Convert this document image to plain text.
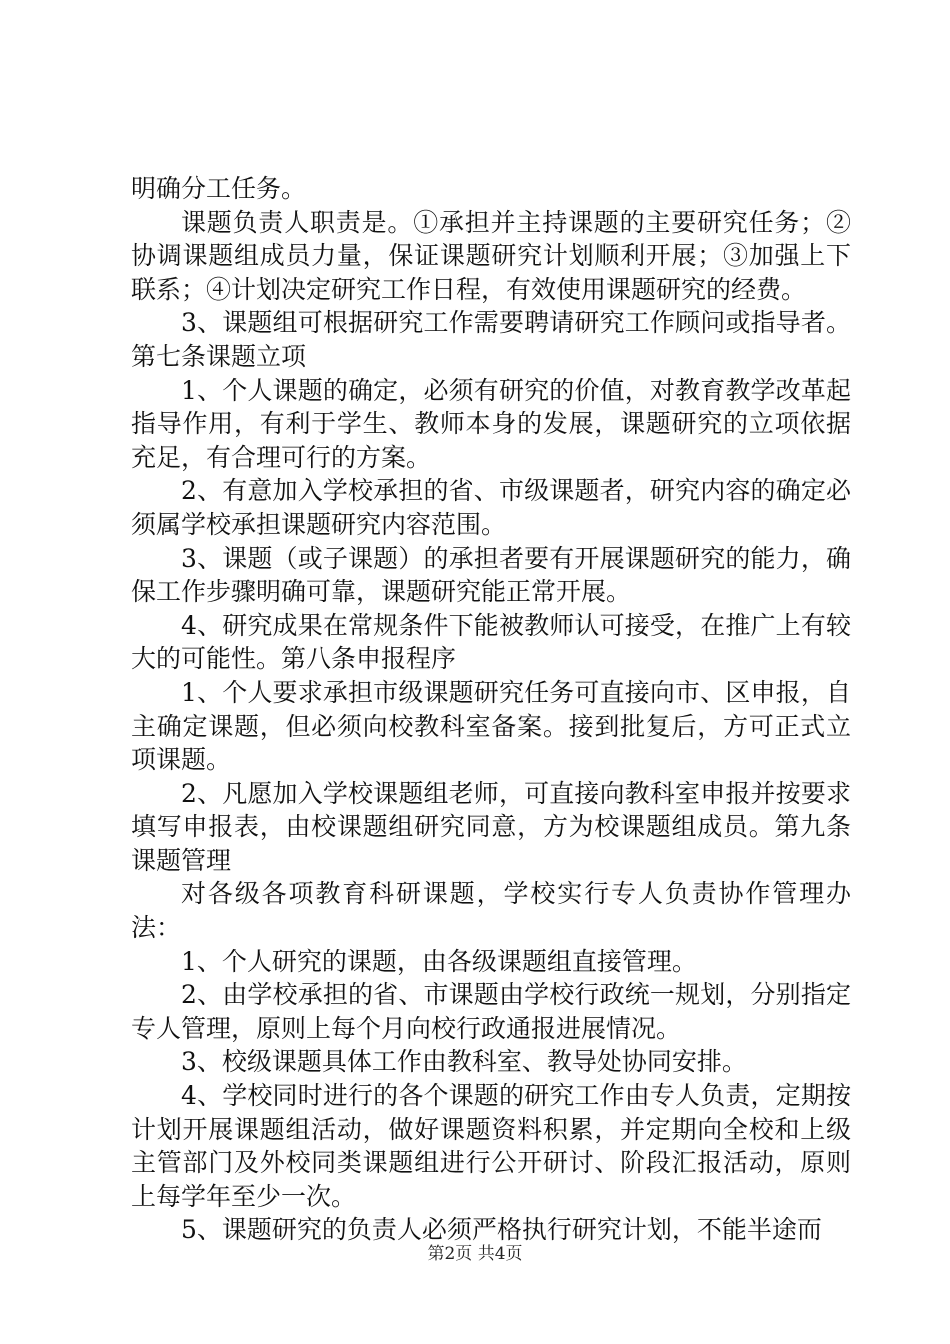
明确分工任务。

课题负责人职责是。①承担并主持课题的主要研究任务；②协调课题组成员力量，保证课题研究计划顺利开展；③加强上下联系；④计划决定研究工作日程，有效使用课题研究的经费。

3、课题组可根据研究工作需要聘请研究工作顾问或指导者。第七条课题立项

1、个人课题的确定，必须有研究的价值，对教育教学改革起指导作用，有利于学生、教师本身的发展，课题研究的立项依据充足，有合理可行的方案。

2、有意加入学校承担的省、市级课题者，研究内容的确定必须属学校承担课题研究内容范围。

3、课题（或子课题）的承担者要有开展课题研究的能力，确保工作步骤明确可靠，课题研究能正常开展。

4、研究成果在常规条件下能被教师认可接受，在推广上有较大的可能性。第八条申报程序

1、个人要求承担市级课题研究任务可直接向市、区申报，自主确定课题，但必须向校教科室备案。接到批复后，方可正式立项课题。

2、凡愿加入学校课题组老师，可直接向教科室申报并按要求填写申报表，由校课题组研究同意，方为校课题组成员。第九条课题管理

对各级各项教育科研课题，学校实行专人负责协作管理办法：

1、个人研究的课题，由各级课题组直接管理。

2、由学校承担的省、市课题由学校行政统一规划，分别指定专人管理，原则上每个月向校行政通报进展情况。

3、校级课题具体工作由教科室、教导处协同安排。

4、学校同时进行的各个课题的研究工作由专人负责，定期按计划开展课题组活动，做好课题资料积累，并定期向全校和上级主管部门及外校同类课题组进行公开研讨、阶段汇报活动，原则上每学年至少一次。

5、课题研究的负责人必须严格执行研究计划，不能半途而

第2页 共4页
